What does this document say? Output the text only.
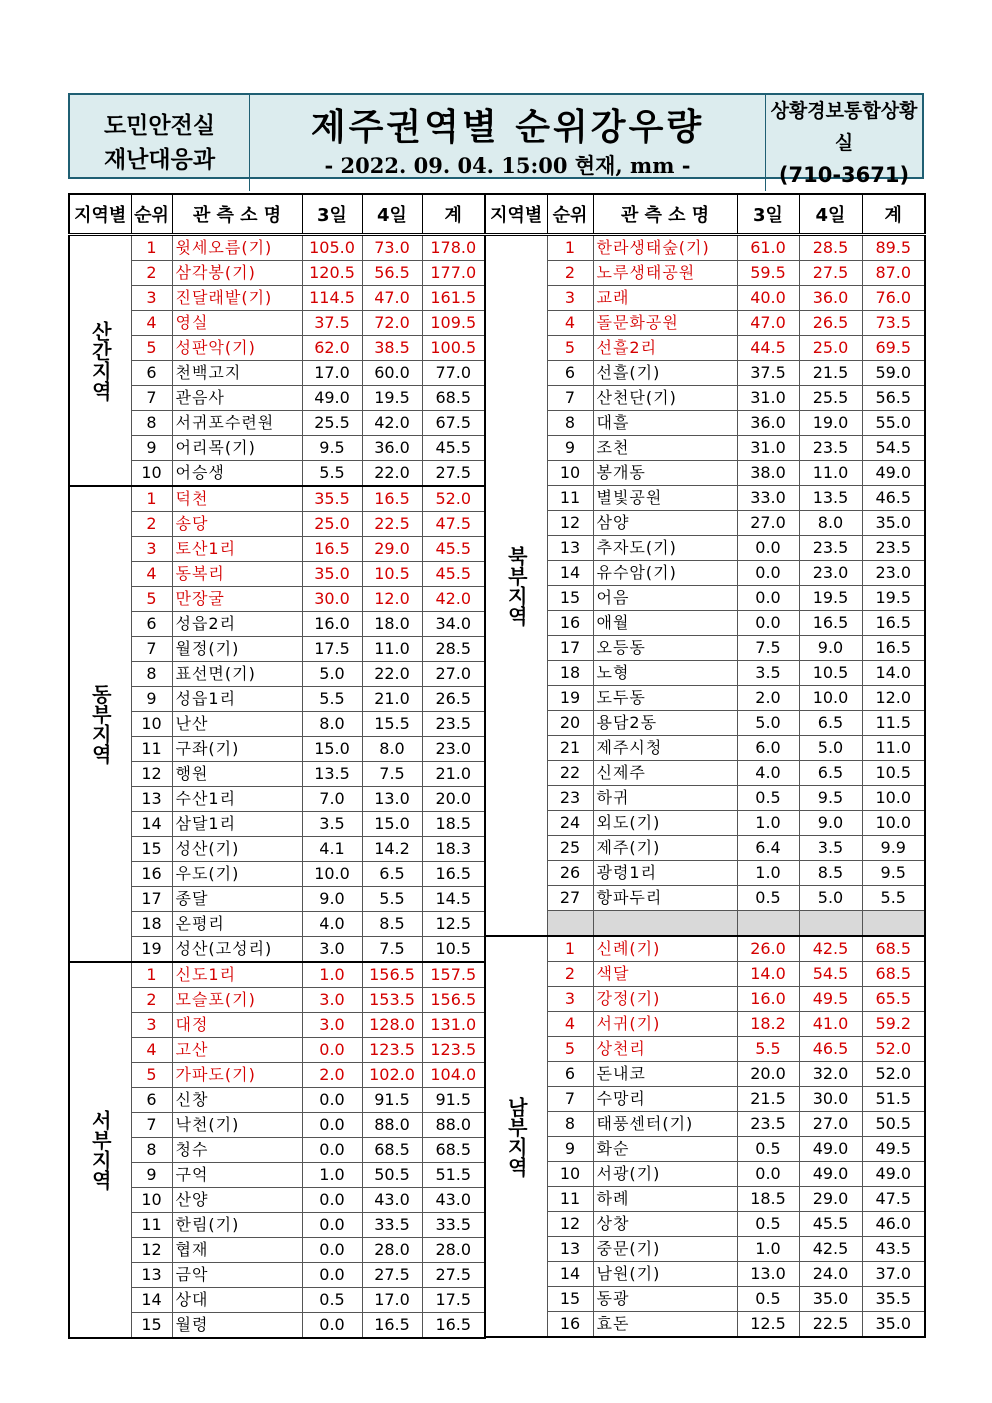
도민안전실
재난대응과
제주권역별 순위강우량
- 2022. 09. 04. 15:00 현재, mm -
상황경보통합상황실
(710-3671)
지역별	순위	관 측 소 명	3일	4일	계
산간지역	1	윗세오름(기)	105.0	73.0	178.0
	2	삼각봉(기)	120.5	56.5	177.0
	3	진달래밭(기)	114.5	47.0	161.5
	4	영실	37.5	72.0	109.5
	5	성판악(기)	62.0	38.5	100.5
	6	천백고지	17.0	60.0	77.0
	7	관음사	49.0	19.5	68.5
	8	서귀포수련원	25.5	42.0	67.5
	9	어리목(기)	9.5	36.0	45.5
	10	어승생	5.5	22.0	27.5
동부지역	1	덕천	35.5	16.5	52.0
	2	송당	25.0	22.5	47.5
	3	토산1리	16.5	29.0	45.5
	4	동복리	35.0	10.5	45.5
	5	만장굴	30.0	12.0	42.0
	6	성읍2리	16.0	18.0	34.0
	7	월정(기)	17.5	11.0	28.5
	8	표선면(기)	5.0	22.0	27.0
	9	성읍1리	5.5	21.0	26.5
	10	난산	8.0	15.5	23.5
	11	구좌(기)	15.0	8.0	23.0
	12	행원	13.5	7.5	21.0
	13	수산1리	7.0	13.0	20.0
	14	삼달1리	3.5	15.0	18.5
	15	성산(기)	4.1	14.2	18.3
	16	우도(기)	10.0	6.5	16.5
	17	종달	9.0	5.5	14.5
	18	온평리	4.0	8.5	12.5
	19	성산(고성리)	3.0	7.5	10.5
서부지역	1	신도1리	1.0	156.5	157.5
	2	모슬포(기)	3.0	153.5	156.5
	3	대정	3.0	128.0	131.0
	4	고산	0.0	123.5	123.5
	5	가파도(기)	2.0	102.0	104.0
	6	신창	0.0	91.5	91.5
	7	낙천(기)	0.0	88.0	88.0
	8	청수	0.0	68.5	68.5
	9	구억	1.0	50.5	51.5
	10	산양	0.0	43.0	43.0
	11	한림(기)	0.0	33.5	33.5
	12	협재	0.0	28.0	28.0
	13	금악	0.0	27.5	27.5
	14	상대	0.5	17.0	17.5
	15	월령	0.0	16.5	16.5
지역별	순위	관 측 소 명	3일	4일	계
북부지역	1	한라생태숲(기)	61.0	28.5	89.5
	2	노루생태공원	59.5	27.5	87.0
	3	교래	40.0	36.0	76.0
	4	돌문화공원	47.0	26.5	73.5
	5	선흘2리	44.5	25.0	69.5
	6	선흘(기)	37.5	21.5	59.0
	7	산천단(기)	31.0	25.5	56.5
	8	대흘	36.0	19.0	55.0
	9	조천	31.0	23.5	54.5
	10	봉개동	38.0	11.0	49.0
	11	별빛공원	33.0	13.5	46.5
	12	삼양	27.0	8.0	35.0
	13	추자도(기)	0.0	23.5	23.5
	14	유수암(기)	0.0	23.0	23.0
	15	어음	0.0	19.5	19.5
	16	애월	0.0	16.5	16.5
	17	오등동	7.5	9.0	16.5
	18	노형	3.5	10.5	14.0
	19	도두동	2.0	10.0	12.0
	20	용담2동	5.0	6.5	11.5
	21	제주시청	6.0	5.0	11.0
	22	신제주	4.0	6.5	10.5
	23	하귀	0.5	9.5	10.0
	24	외도(기)	1.0	9.0	10.0
	25	제주(기)	6.4	3.5	9.9
	26	광령1리	1.0	8.5	9.5
	27	항파두리	0.5	5.0	5.5

남부지역	1	신례(기)	26.0	42.5	68.5
	2	색달	14.0	54.5	68.5
	3	강정(기)	16.0	49.5	65.5
	4	서귀(기)	18.2	41.0	59.2
	5	상천리	5.5	46.5	52.0
	6	돈내코	20.0	32.0	52.0
	7	수망리	21.5	30.0	51.5
	8	태풍센터(기)	23.5	27.0	50.5
	9	화순	0.5	49.0	49.5
	10	서광(기)	0.0	49.0	49.0
	11	하례	18.5	29.0	47.5
	12	상창	0.5	45.5	46.0
	13	중문(기)	1.0	42.5	43.5
	14	남원(기)	13.0	24.0	37.0
	15	동광	0.5	35.0	35.5
	16	효돈	12.5	22.5	35.0
